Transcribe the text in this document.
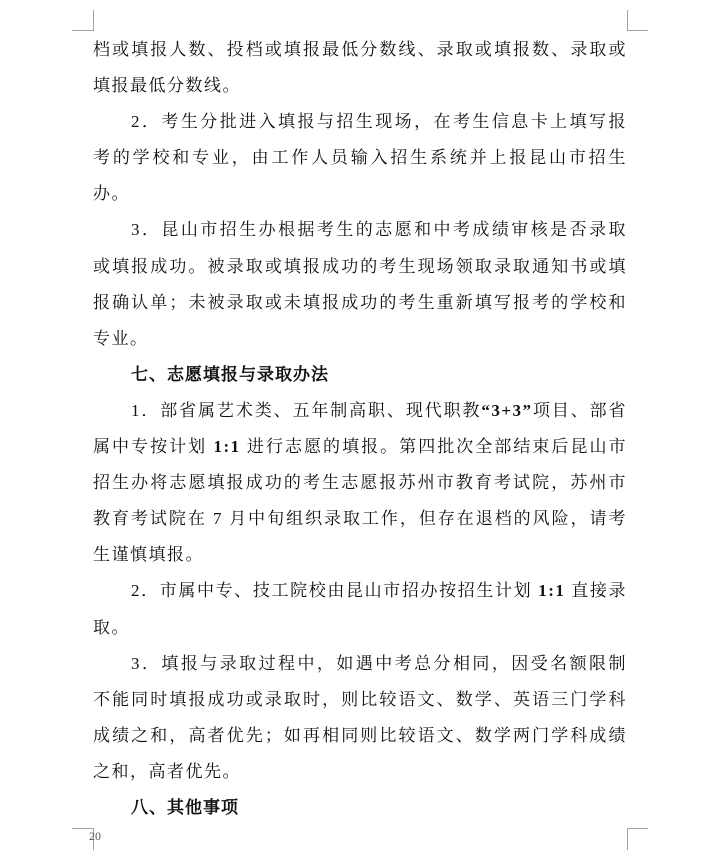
档或填报人数、投档或填报最低分数线、录取或填报数、录取或
填报最低分数线。
2．考生分批进入填报与招生现场，在考生信息卡上填写报
考的学校和专业，由工作人员输入招生系统并上报昆山市招生
办。
3．昆山市招生办根据考生的志愿和中考成绩审核是否录取
或填报成功。被录取或填报成功的考生现场领取录取通知书或填
报确认单；未被录取或未填报成功的考生重新填写报考的学校和
专业。
七、志愿填报与录取办法
1．部省属艺术类、五年制高职、现代职教“3+3”项目、部省
属中专按计划 1:1 进行志愿的填报。第四批次全部结束后昆山市
招生办将志愿填报成功的考生志愿报苏州市教育考试院，苏州市
教育考试院在 7 月中旬组织录取工作，但存在退档的风险，请考
生谨慎填报。
2．市属中专、技工院校由昆山市招办按招生计划 1:1 直接录
取。
3．填报与录取过程中，如遇中考总分相同，因受名额限制
不能同时填报成功或录取时，则比较语文、数学、英语三门学科
成绩之和，高者优先；如再相同则比较语文、数学两门学科成绩
之和，高者优先。
八、其他事项
20
